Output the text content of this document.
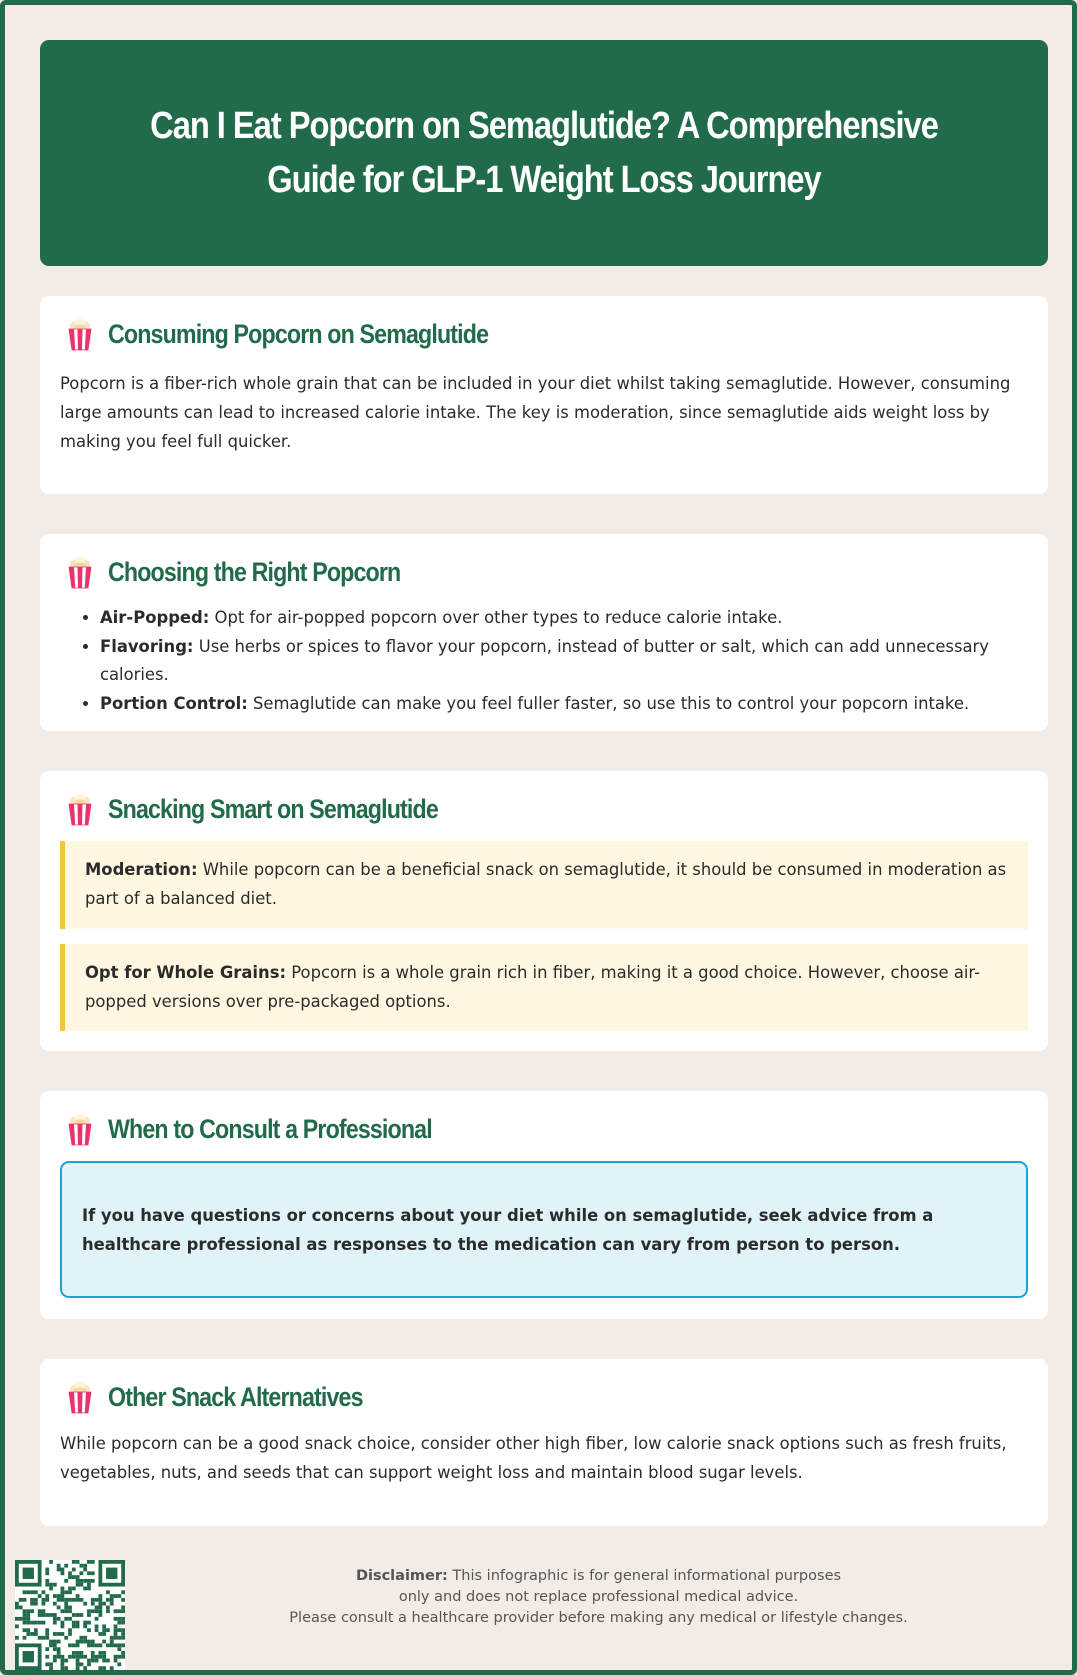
Can I Eat Popcorn on Semaglutide? A Comprehensive Guide for GLP-1 Weight Loss Journey
Consuming Popcorn on Semaglutide

Popcorn is a fiber-rich whole grain that can be included in your diet whilst taking semaglutide. However, consuming large amounts can lead to increased calorie intake. The key is moderation, since semaglutide aids weight loss by making you feel full quicker.

Choosing the Right Popcorn
• Air-Popped: Opt for air-popped popcorn over other types to reduce calorie intake.
• Flavoring: Use herbs or spices to flavor your popcorn, instead of butter or salt, which can add unnecessary calories.
• Portion Control: Semaglutide can make you feel fuller faster, so use this to control your popcorn intake.
Snacking Smart on Semaglutide
Moderation: While popcorn can be a beneficial snack on semaglutide, it should be consumed in moderation as part of a balanced diet.
Opt for Whole Grains: Popcorn is a whole grain rich in fiber, making it a good choice. However, choose air-popped versions over pre-packaged options.
When to Consult a Professional

If you have questions or concerns about your diet while on semaglutide, seek advice from a healthcare professional as responses to the medication can vary from person to person.

Other Snack Alternatives

While popcorn can be a good snack choice, consider other high fiber, low calorie snack options such as fresh fruits, vegetables, nuts, and seeds that can support weight loss and maintain blood sugar levels.

Disclaimer: This infographic is for general informational purposes
only and does not replace professional medical advice.
Please consult a healthcare provider before making any medical or lifestyle changes.
